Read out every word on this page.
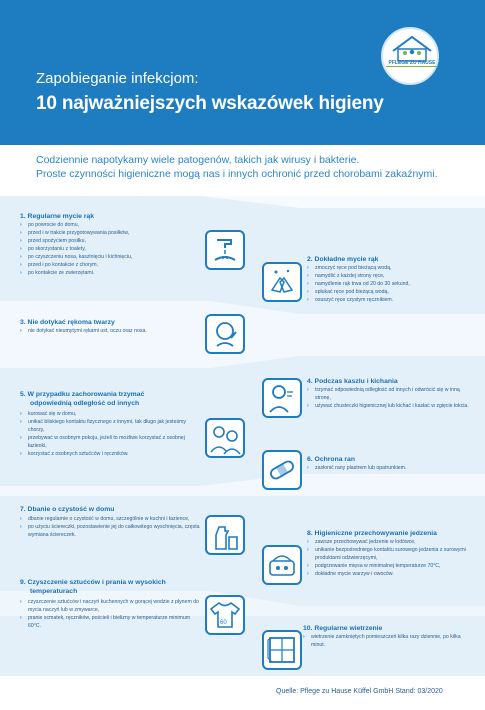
Zapobieganie infekcjom:
10 najważniejszych wskazówek higieny
PFLEGE ZU HAUSE
Codziennie napotykamy wiele patogenów, takich jak wirusy i bakterie.
Proste czynności higieniczne mogą nas i innych ochronić przed chorobami zakaźnymi.
1. Regularne mycie rąk
› po powrocie do domu,
› przed i w trakcie przygotowywania posiłków,
› przed spożyciem posiłku,
› po skorzystaniu z toalety,
› po czyszczeniu nosa, kaszlnięciu i kichnięciu,
› przed i po kontakcie z chorym,
› po kontakcie ze zwierzętami.
2. Dokładne mycie rąk
› zmoczyć ręce pod bieżącą wodą,
› namydlić z każdej strony ręce,
› namydlenie rąk trwa od 20 do 30 sekund,
› spłukać ręce pod bieżącą wodą,
› osuszyć ręce czystym ręcznikiem.
3. Nie dotykać rękoma twarzy
› nie dotykać nieumytymi rękami ust, oczu oraz nosa.
4. Podczas kaszlu i kichania
› trzymać odpowiednią odległość od innych i odwrócić się w inną stronę,
› używać chusteczki higienicznej lub kichać i kasłać w zgięcie łokcia.
5. W przypadku zachorowania trzymać
odpowiednią odległość od innych
› kurować się w domu,
› unikać bliskiego kontaktu fizycznego z innymi, tak długo jak jesteśmy chorzy,
› przebywać w osobnym pokoju, jeżeli to możliwe korzystać z osobnej łazienki,
› korzystać z osobnych sztućców i ręczników.
6. Ochrona ran
› zasłonić rany plastrem lub opatrunkiem.
7. Dbanie o czystość w domu
› dbanie regularnie o czystość w domu, szczególnie w kuchni i łazience,
› po użyciu ściereczki, pozostawienie jej do całkowitego wyschnięcia, częsta wymiana ściereczek.	8. Higieniczne przechowywanie jedzenia
› zawsze przechowywać jedzenie w lodówce,
› unikanie bezpośredniego kontaktu surowego jedzenia z surowymi produktami odzwierzęcymi,
› podgrzewanie mięsa w minimalnej temperaturze 70°C,
› dokładne mycie warzyw i owoców.
9. Czyszczenie sztućców i prania w wysokich
temperaturach
› czyszczenie sztućców i naczyń kuchennych w gorącej wodzie z płynem do mycia naczyń lub w zmywarce,
› pranie scmatek, ręczników, pościeli i bielizny w temperaturze minimum 60°C.	60
10. Regularne wietrzenie
› wietrzenie zamkniętych pomieszczeń kilka razy dziennie, po kilka minut.
Quelle: Pflege zu Hause Küffel GmbH Stand: 03/2020
